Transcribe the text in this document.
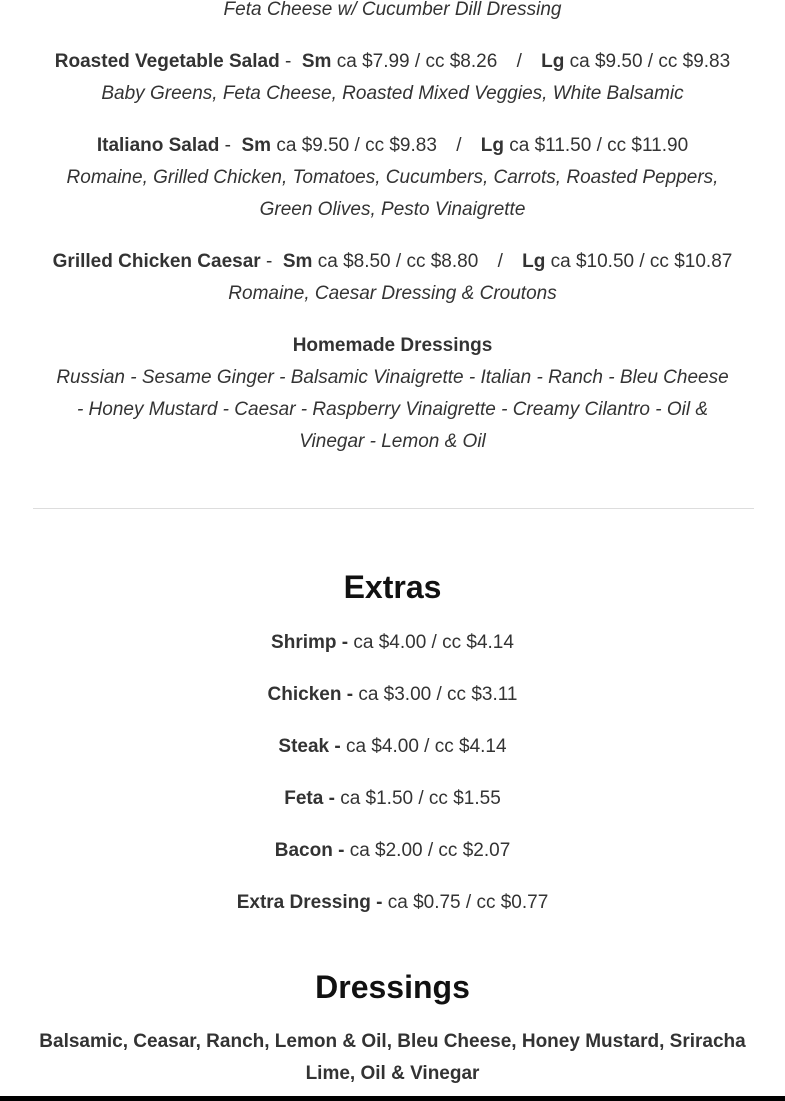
Feta Cheese w/ Cucumber Dill Dressing
Roasted Vegetable Salad - Sm ca $7.99 / cc $8.26 / Lg ca $9.50 / cc $9.83
Baby Greens, Feta Cheese, Roasted Mixed Veggies, White Balsamic
Italiano Salad - Sm ca $9.50 / cc $9.83 / Lg ca $11.50 / cc $11.90
Romaine, Grilled Chicken, Tomatoes, Cucumbers, Carrots, Roasted Peppers,
Green Olives, Pesto Vinaigrette
Grilled Chicken Caesar - Sm ca $8.50 / cc $8.80 / Lg ca $10.50 / cc $10.87
Romaine, Caesar Dressing & Croutons
Homemade Dressings
Russian - Sesame Ginger - Balsamic Vinaigrette - Italian - Ranch - Bleu Cheese
- Honey Mustard - Caesar - Raspberry Vinaigrette - Creamy Cilantro - Oil &
Vinegar - Lemon & Oil
Extras
Shrimp - ca $4.00 / cc $4.14
Chicken - ca $3.00 / cc $3.11
Steak - ca $4.00 / cc $4.14
Feta - ca $1.50 / cc $1.55
Bacon - ca $2.00 / cc $2.07
Extra Dressing - ca $0.75 / cc $0.77
Dressings
Balsamic, Ceasar, Ranch, Lemon & Oil, Bleu Cheese, Honey Mustard, Sriracha
Lime, Oil & Vinegar
